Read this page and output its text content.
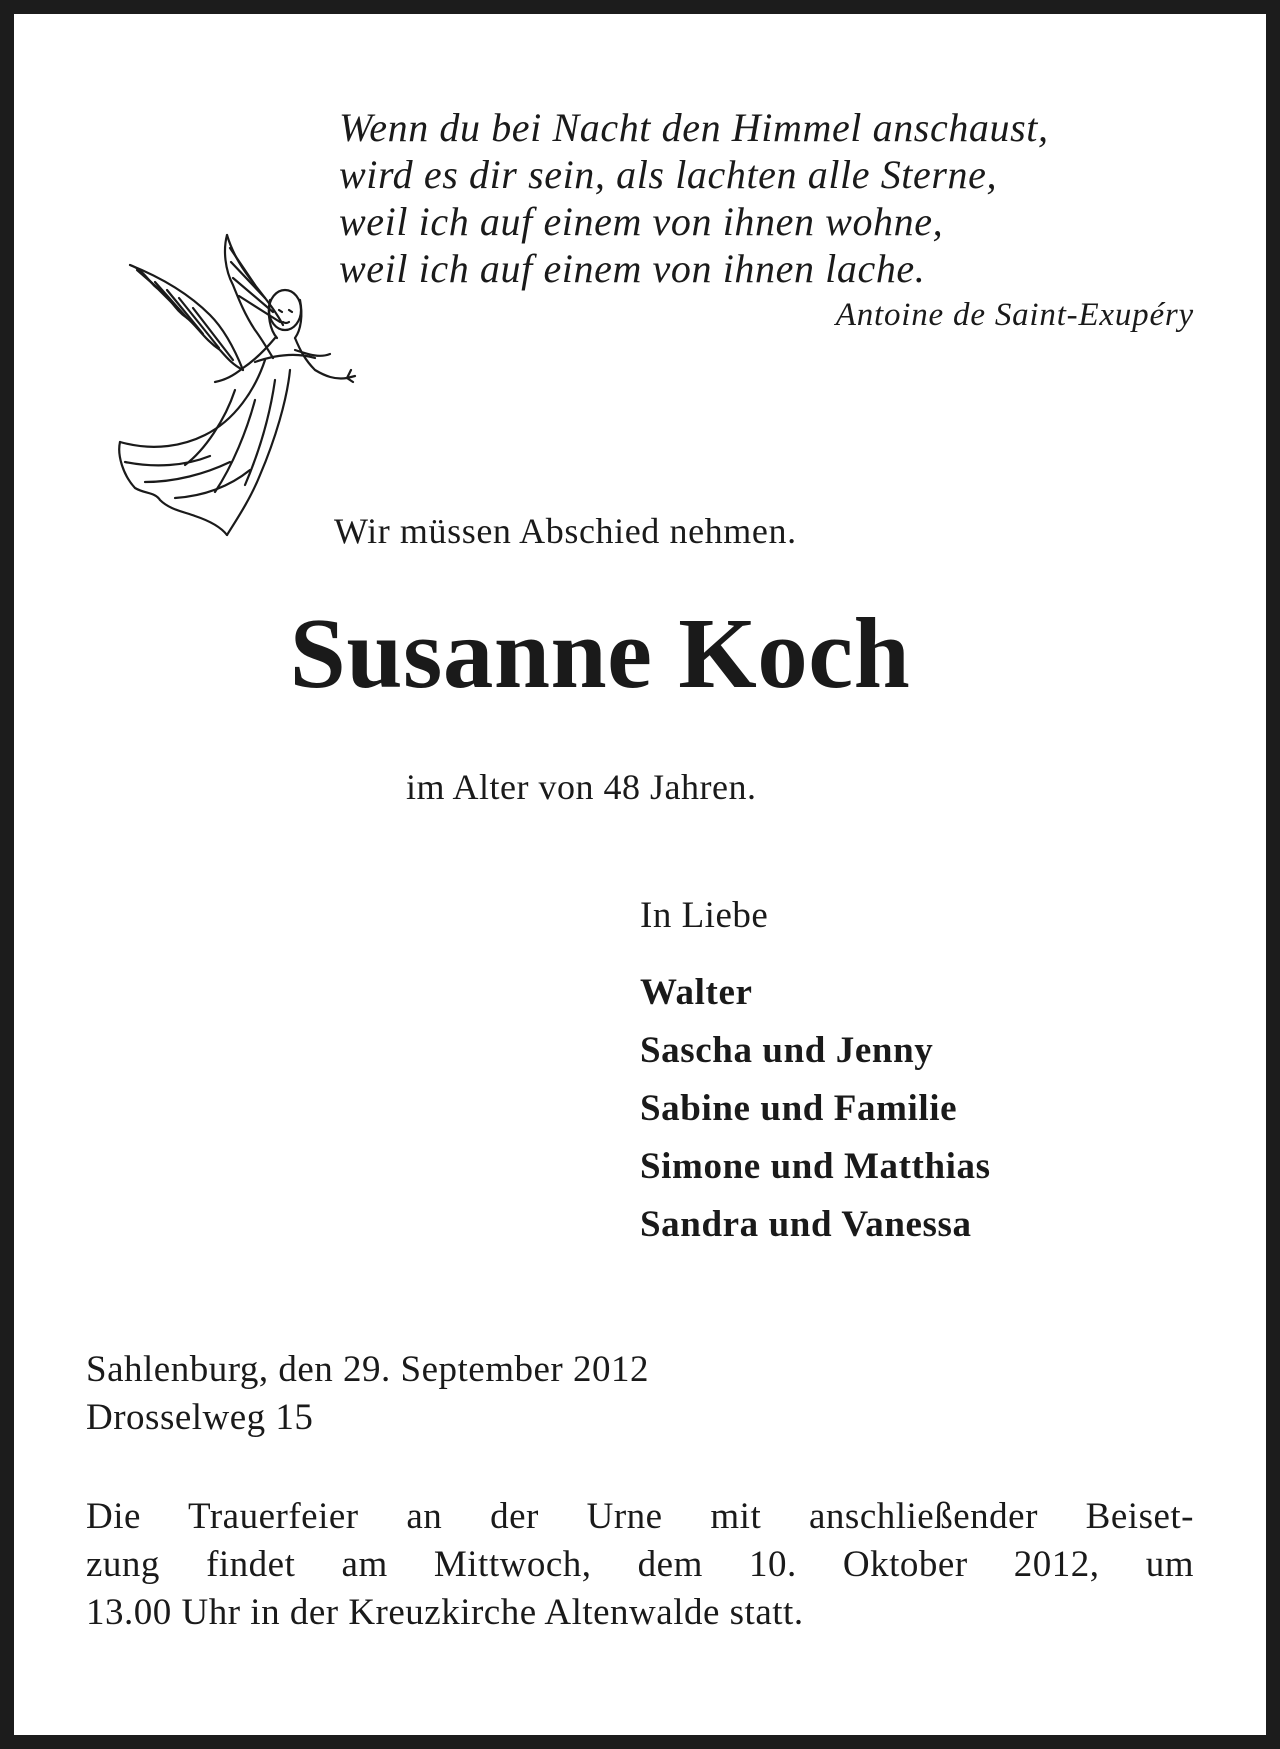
Wenn du bei Nacht den Himmel anschaust,
wird es dir sein, als lachten alle Sterne,
weil ich auf einem von ihnen wohne,
weil ich auf einem von ihnen lache.
Antoine de Saint-Exupéry
Wir müssen Abschied nehmen.
Susanne Koch
im Alter von 48 Jahren.
In Liebe
Walter
Sascha und Jenny
Sabine und Familie
Simone und Matthias
Sandra und Vanessa
Sahlenburg, den 29. September 2012
Drosselweg 15
Die Trauerfeier an der Urne mit anschließender Beiset-
zung findet am Mittwoch, dem 10. Oktober 2012, um
13.00 Uhr in der Kreuzkirche Altenwalde statt.
